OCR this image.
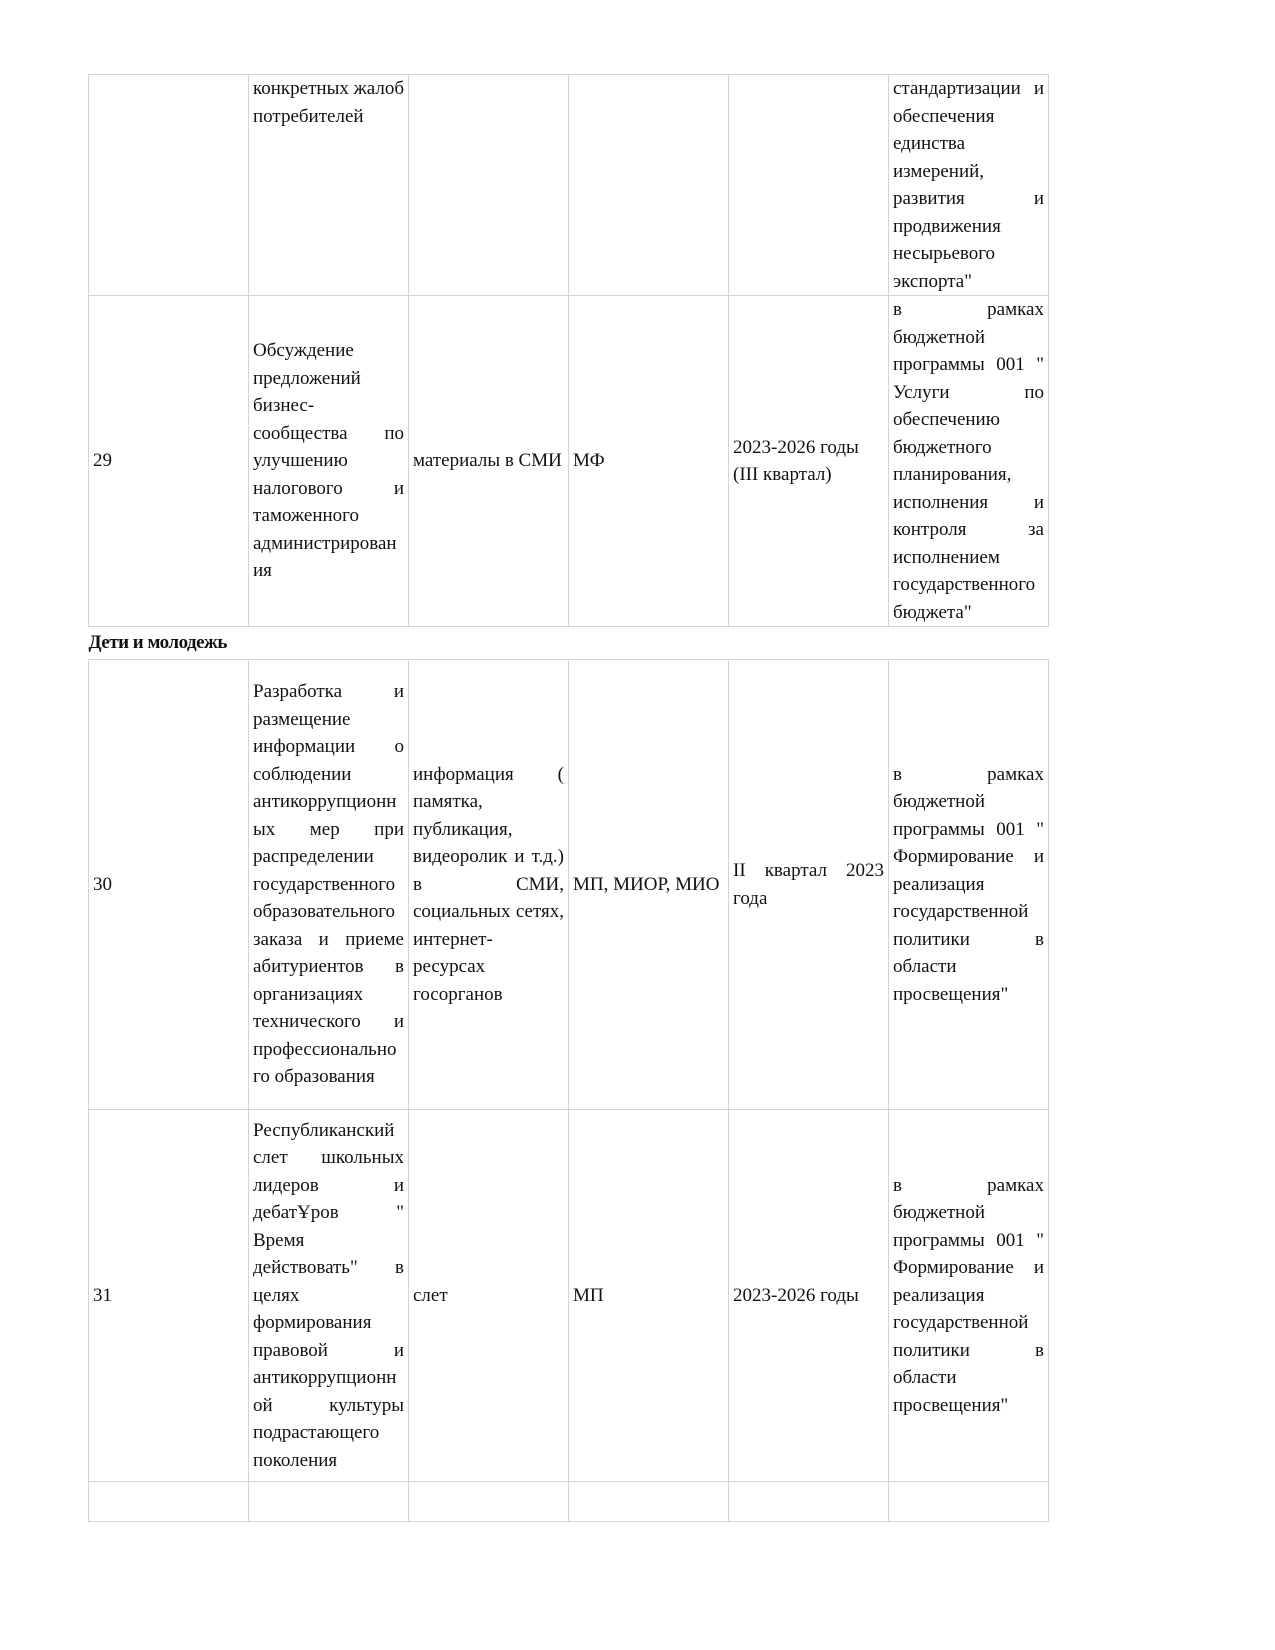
	конкретных жалоб потребителей				стандартизации и обеспечения единства измерений, развития и продвижения несырьевого экспорта"
29	Обсуждение предложений бизнес-сообщества по улучшению налогового и таможенного администрирования	материалы в СМИ	МФ	2023-2026 годы (III квартал)	в рамках бюджетной программы 001 " Услуги по обеспечению бюджетного планирования, исполнения и контроля за исполнением государственного бюджета"
Дети и молодежь					
30	Разработка и размещение информации о соблюдении антикоррупционных мер при распределении государственного образовательного заказа и приеме абитуриентов в организациях технического и профессионального образования	информация ( памятка, публикация, видеоролик и т.д.) в СМИ, социальных сетях, интернет-ресурсах госорганов	МП, МИОР, МИО	II квартал 2023 года	в рамках бюджетной программы 001 " Формирование и реализация государственной политики в области просвещения"
31	Республиканский слет школьных лидеров и дебатҰров " Время действовать" в целях формирования правовой и антикоррупционной культуры подрастающего поколения	слет	МП	2023-2026 годы	в рамках бюджетной программы 001 " Формирование и реализация государственной политики в области просвещения"
